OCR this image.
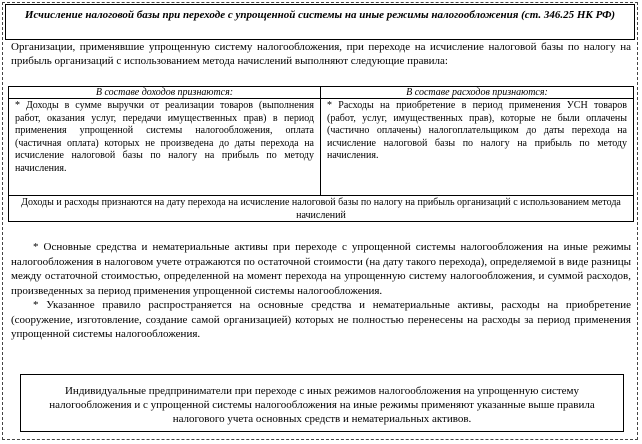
Исчисление налоговой базы при переходе с упрощенной системы на иные режимы налогообложения (ст. 346.25 НК РФ)
Организации, применявшие упрощенную систему налогообложения, при переходе на исчисление налоговой базы по налогу на прибыль организаций с использованием метода начислений выполняют следующие правила:
В составе доходов признаются:	В составе расходов признаются:
* Доходы в сумме выручки от реализации товаров (выполнения работ, оказания услуг, передачи имущественных прав) в период применения упрощенной системы налогообложения, оплата (частичная оплата) которых не произведена до даты перехода на исчисление налоговой базы по налогу на прибыль по методу начисления.
* Расходы на приобретение в период применения УСН товаров (работ, услуг, имущественных прав), которые не были оплачены (частично оплачены) налогоплательщиком до даты перехода на исчисление налоговой базы по налогу на прибыль по методу начисления.
Доходы и расходы признаются на дату перехода на исчисление налоговой базы по налогу на прибыль организаций с использованием метода начислений

* Основные средства и нематериальные активы при переходе с упрощенной системы налогообложения на иные режимы налогообложения в налоговом учете отражаются по остаточной стоимости (на дату такого перехода), определяемой в виде разницы между остаточной стоимостью, определенной на момент перехода на упрощенную систему налогообложения, и суммой расходов, произведенных за период применения упрощенной системы налогообложения.

* Указанное правило распространяется на основные средства и нематериальные активы, расходы на приобретение (сооружение, изготовление, создание самой организацией) которых не полностью перенесены на расходы за период применения упрощенной системы налогообложения.

Индивидуальные предприниматели при переходе с иных режимов налогообложения на упрощенную систему налогообложения и с упрощенной системы налогообложения на иные режимы применяют указанные выше правила налогового учета основных средств и нематериальных активов.
